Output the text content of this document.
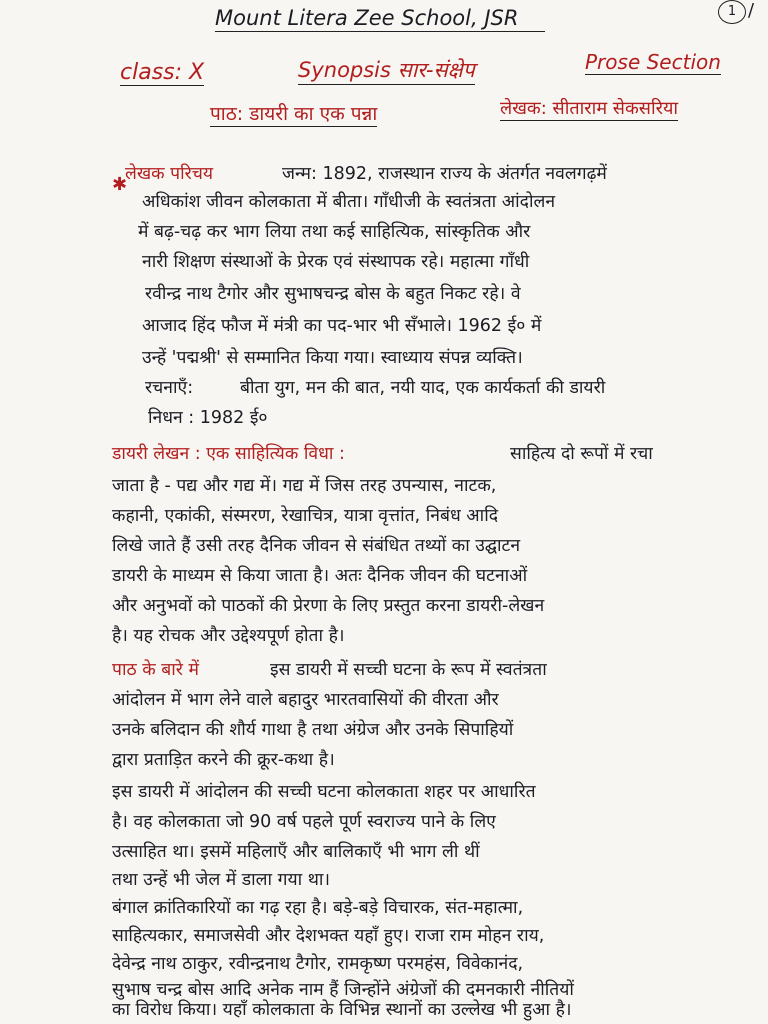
Mount Litera Zee School, JSR	1 /
class: X	Synopsis सार-संक्षेप	Prose Section
पाठ: डायरी का एक पन्ना	लेखक: सीताराम सेकसरिया
✱
लेखक परिचय	जन्म: 1892, राजस्थान राज्य के अंतर्गत नवलगढ़में
अधिकांश जीवन कोलकाता में बीता। गाँधीजी के स्वतंत्रता आंदोलन
में बढ़-चढ़ कर भाग लिया तथा कई साहित्यिक, सांस्कृतिक और
नारी शिक्षण संस्थाओं के प्रेरक एवं संस्थापक रहे। महात्मा गाँधी
रवीन्द्र नाथ टैगोर और सुभाषचन्द्र बोस के बहुत निकट रहे। वे
आजाद हिंद फौज में मंत्री का पद-भार भी सँभाले। 1962 ई० में
उन्हें 'पद्मश्री' से सम्मानित किया गया। स्वाध्याय संपन्न व्यक्ति।
रचनाएँ:	बीता युग, मन की बात, नयी याद, एक कार्यकर्ता की डायरी
निधन : 1982 ई०
डायरी लेखन : एक साहित्यिक विधा :	साहित्य दो रूपों में रचा
जाता है - पद्य और गद्य में। गद्य में जिस तरह उपन्यास, नाटक,
कहानी, एकांकी, संस्मरण, रेखाचित्र, यात्रा वृत्तांत, निबंध आदि
लिखे जाते हैं उसी तरह दैनिक जीवन से संबंधित तथ्यों का उद्घाटन
डायरी के माध्यम से किया जाता है। अतः दैनिक जीवन की घटनाओं
और अनुभवों को पाठकों की प्रेरणा के लिए प्रस्तुत करना डायरी-लेखन
है। यह रोचक और उद्देश्यपूर्ण होता है।
पाठ के बारे में	इस डायरी में सच्ची घटना के रूप में स्वतंत्रता
आंदोलन में भाग लेने वाले बहादुर भारतवासियों की वीरता और
उनके बलिदान की शौर्य गाथा है तथा अंग्रेज और उनके सिपाहियों
द्वारा प्रताड़ित करने की क्रूर-कथा है।
इस डायरी में आंदोलन की सच्ची घटना कोलकाता शहर पर आधारित
है। वह कोलकाता जो 90 वर्ष पहले पूर्ण स्वराज्य पाने के लिए
उत्साहित था। इसमें महिलाएँ और बालिकाएँ भी भाग ली थीं
तथा उन्हें भी जेल में डाला गया था।
बंगाल क्रांतिकारियों का गढ़ रहा है। बड़े-बड़े विचारक, संत-महात्मा,
साहित्यकार, समाजसेवी और देशभक्त यहाँ हुए। राजा राम मोहन राय,
देवेन्द्र नाथ ठाकुर, रवीन्द्रनाथ टैगोर, रामकृष्ण परमहंस, विवेकानंद,
सुभाष चन्द्र बोस आदि अनेक नाम हैं जिन्होंने अंग्रेजों की दमनकारी नीतियों
का विरोध किया। यहाँ कोलकाता के विभिन्न स्थानों का उल्लेख भी हुआ है।
